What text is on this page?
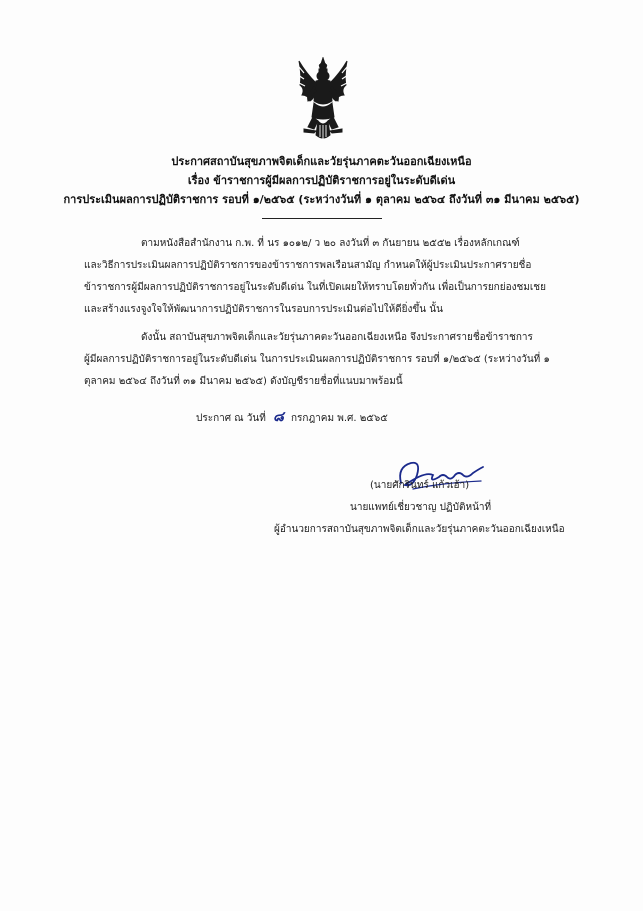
ประกาศสถาบันสุขภาพจิตเด็กและวัยรุ่นภาคตะวันออกเฉียงเหนือ
เรื่อง ข้าราชการผู้มีผลการปฏิบัติราชการอยู่ในระดับดีเด่น
การประเมินผลการปฏิบัติราชการ รอบที่ ๑/๒๕๖๕ (ระหว่างวันที่ ๑ ตุลาคม ๒๕๖๔ ถึงวันที่ ๓๑ มีนาคม ๒๕๖๕)
ตามหนังสือสำนักงาน ก.พ. ที่ นร ๑๐๑๒/ ว ๒๐ ลงวันที่ ๓ กันยายน ๒๕๕๒ เรื่องหลักเกณฑ์
และวิธีการประเมินผลการปฏิบัติราชการของข้าราชการพลเรือนสามัญ กำหนดให้ผู้ประเมินประกาศรายชื่อ
ข้าราชการผู้มีผลการปฏิบัติราชการอยู่ในระดับดีเด่น ในที่เปิดเผยให้ทราบโดยทั่วกัน เพื่อเป็นการยกย่องชมเชย
และสร้างแรงจูงใจให้พัฒนาการปฏิบัติราชการในรอบการประเมินต่อไปให้ดียิ่งขึ้น นั้น
ดังนั้น สถาบันสุขภาพจิตเด็กและวัยรุ่นภาคตะวันออกเฉียงเหนือ จึงประกาศรายชื่อข้าราชการ
ผู้มีผลการปฏิบัติราชการอยู่ในระดับดีเด่น ในการประเมินผลการปฏิบัติราชการ รอบที่ ๑/๒๕๖๕ (ระหว่างวันที่ ๑
ตุลาคม ๒๕๖๔ ถึงวันที่ ๓๑ มีนาคม ๒๕๖๕) ดังบัญชีรายชื่อที่แนบมาพร้อมนี้
ประกาศ ณ วันที่ ๘ กรกฎาคม พ.ศ. ๒๕๖๕
(นายศักรินทร์ แก้วเฮ้า)
นายแพทย์เชี่ยวชาญ ปฏิบัติหน้าที่
ผู้อำนวยการสถาบันสุขภาพจิตเด็กและวัยรุ่นภาคตะวันออกเฉียงเหนือ
